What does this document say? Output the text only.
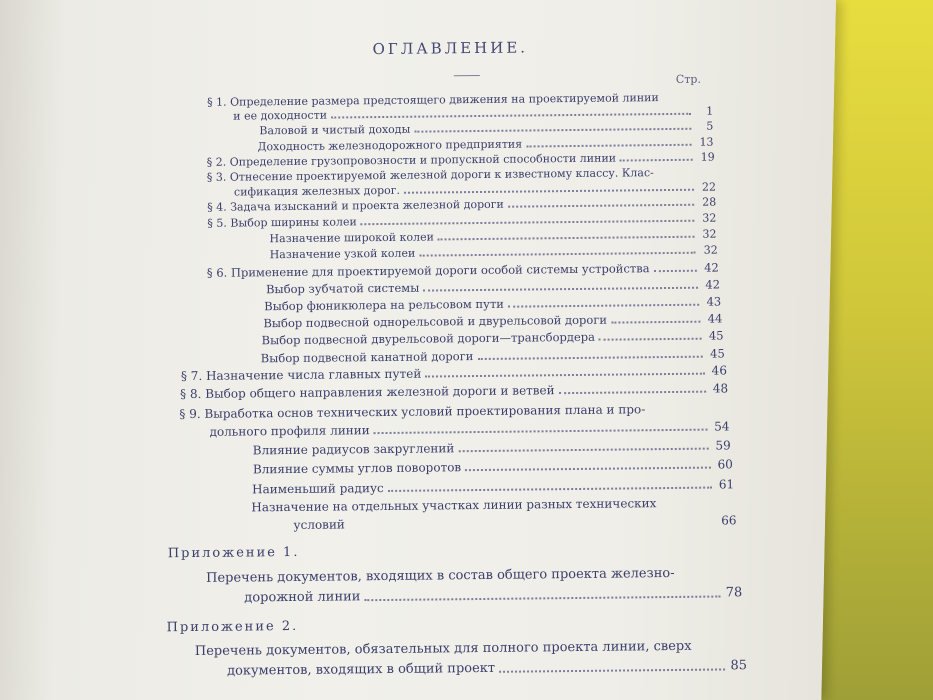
ОГЛАВЛЕНИЕ.
Стр.
§ 1. Определение размера предстоящего движения на проектируемой линии
и ее доходности	1
Валовой и чистый доходы	5
Доходность железнодорожного предприятия	13
§ 2. Определение грузопровозности и пропускной способности линии	19
§ 3. Отнесение проектируемой железной дороги к известному классу. Клас-
сификация железных дорог.	22
§ 4. Задача изысканий и проекта железной дороги	28
§ 5. Выбор ширины колеи	32
Назначение широкой колеи	32
Назначение узкой колеи	32
§ 6. Применение для проектируемой дороги особой системы устройства	42
Выбор зубчатой системы	42
Выбор фюникюлера на рельсовом пути	43
Выбор подвесной однорельсовой и двурельсовой дороги	44
Выбор подвесной двурельсовой дороги—трансбордера	45
Выбор подвесной канатной дороги	45
§ 7. Назначение числа главных путей	46
§ 8. Выбор общего направления железной дороги и ветвей	48
§ 9. Выработка основ технических условий проектирования плана и про-
дольного профиля линии	54
Влияние радиусов закруглений	59
Влияние суммы углов поворотов	60
Наименьший радиус	61
Назначение на отдельных участках линии разных технических
условий	66
Приложение 1.
Перечень документов, входящих в состав общего проекта железно-
дорожной линии	78
Приложение 2.
Перечень документов, обязательных для полного проекта линии, сверх
документов, входящих в общий проект	85
